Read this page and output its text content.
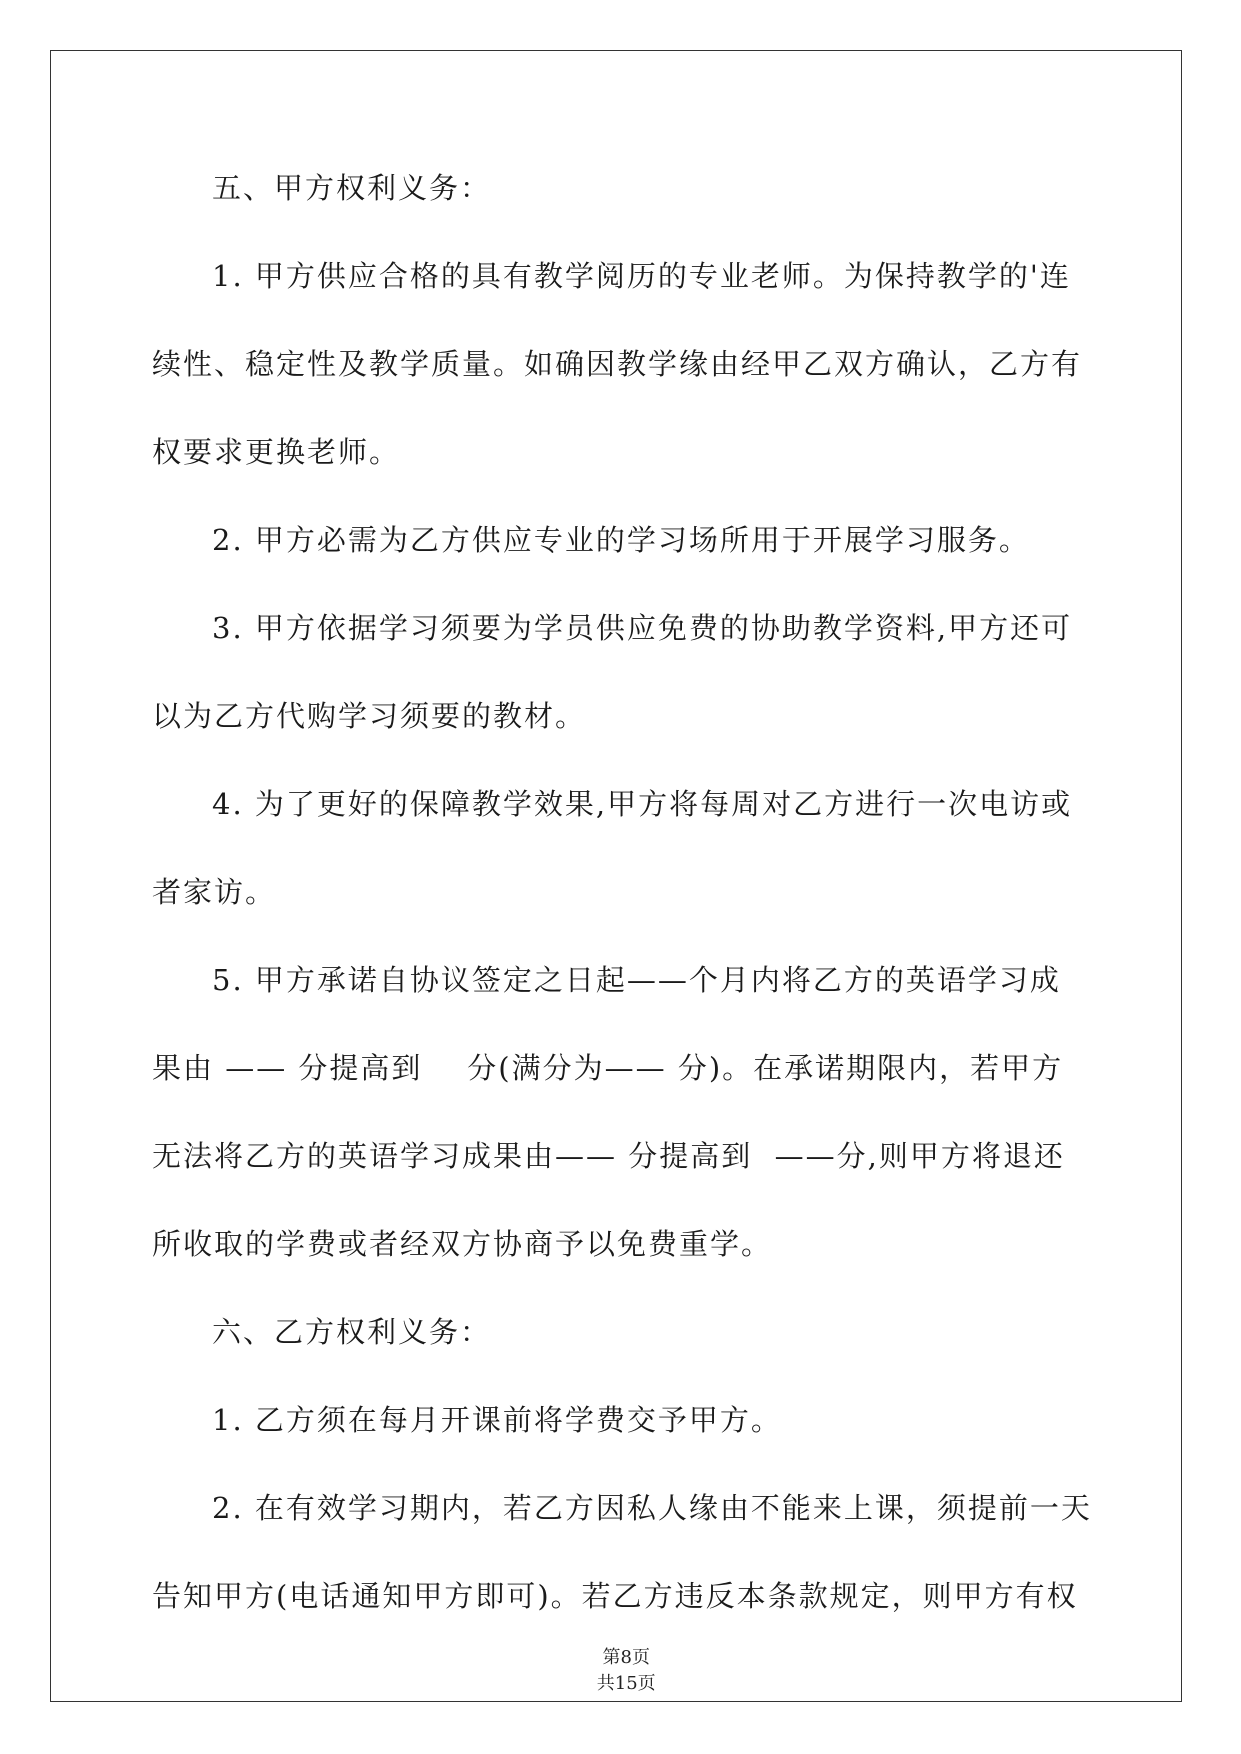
五、甲方权利义务：
1. 甲方供应合格的具有教学阅历的专业老师。为保持教学的'连
续性、稳定性及教学质量。如确因教学缘由经甲乙双方确认，乙方有
权要求更换老师。
2. 甲方必需为乙方供应专业的学习场所用于开展学习服务。
3. 甲方依据学习须要为学员供应免费的协助教学资料,甲方还可
以为乙方代购学习须要的教材。
4. 为了更好的保障教学效果,甲方将每周对乙方进行一次电访或
者家访。
5. 甲方承诺自协议签定之日起——个月内将乙方的英语学习成
果由 —— 分提高到    分(满分为—— 分)。在承诺期限内，若甲方
无法将乙方的英语学习成果由—— 分提高到  ——分,则甲方将退还
所收取的学费或者经双方协商予以免费重学。
六、乙方权利义务：
1. 乙方须在每月开课前将学费交予甲方。
2. 在有效学习期内，若乙方因私人缘由不能来上课，须提前一天
告知甲方(电话通知甲方即可)。若乙方违反本条款规定，则甲方有权

第8页
共15页
